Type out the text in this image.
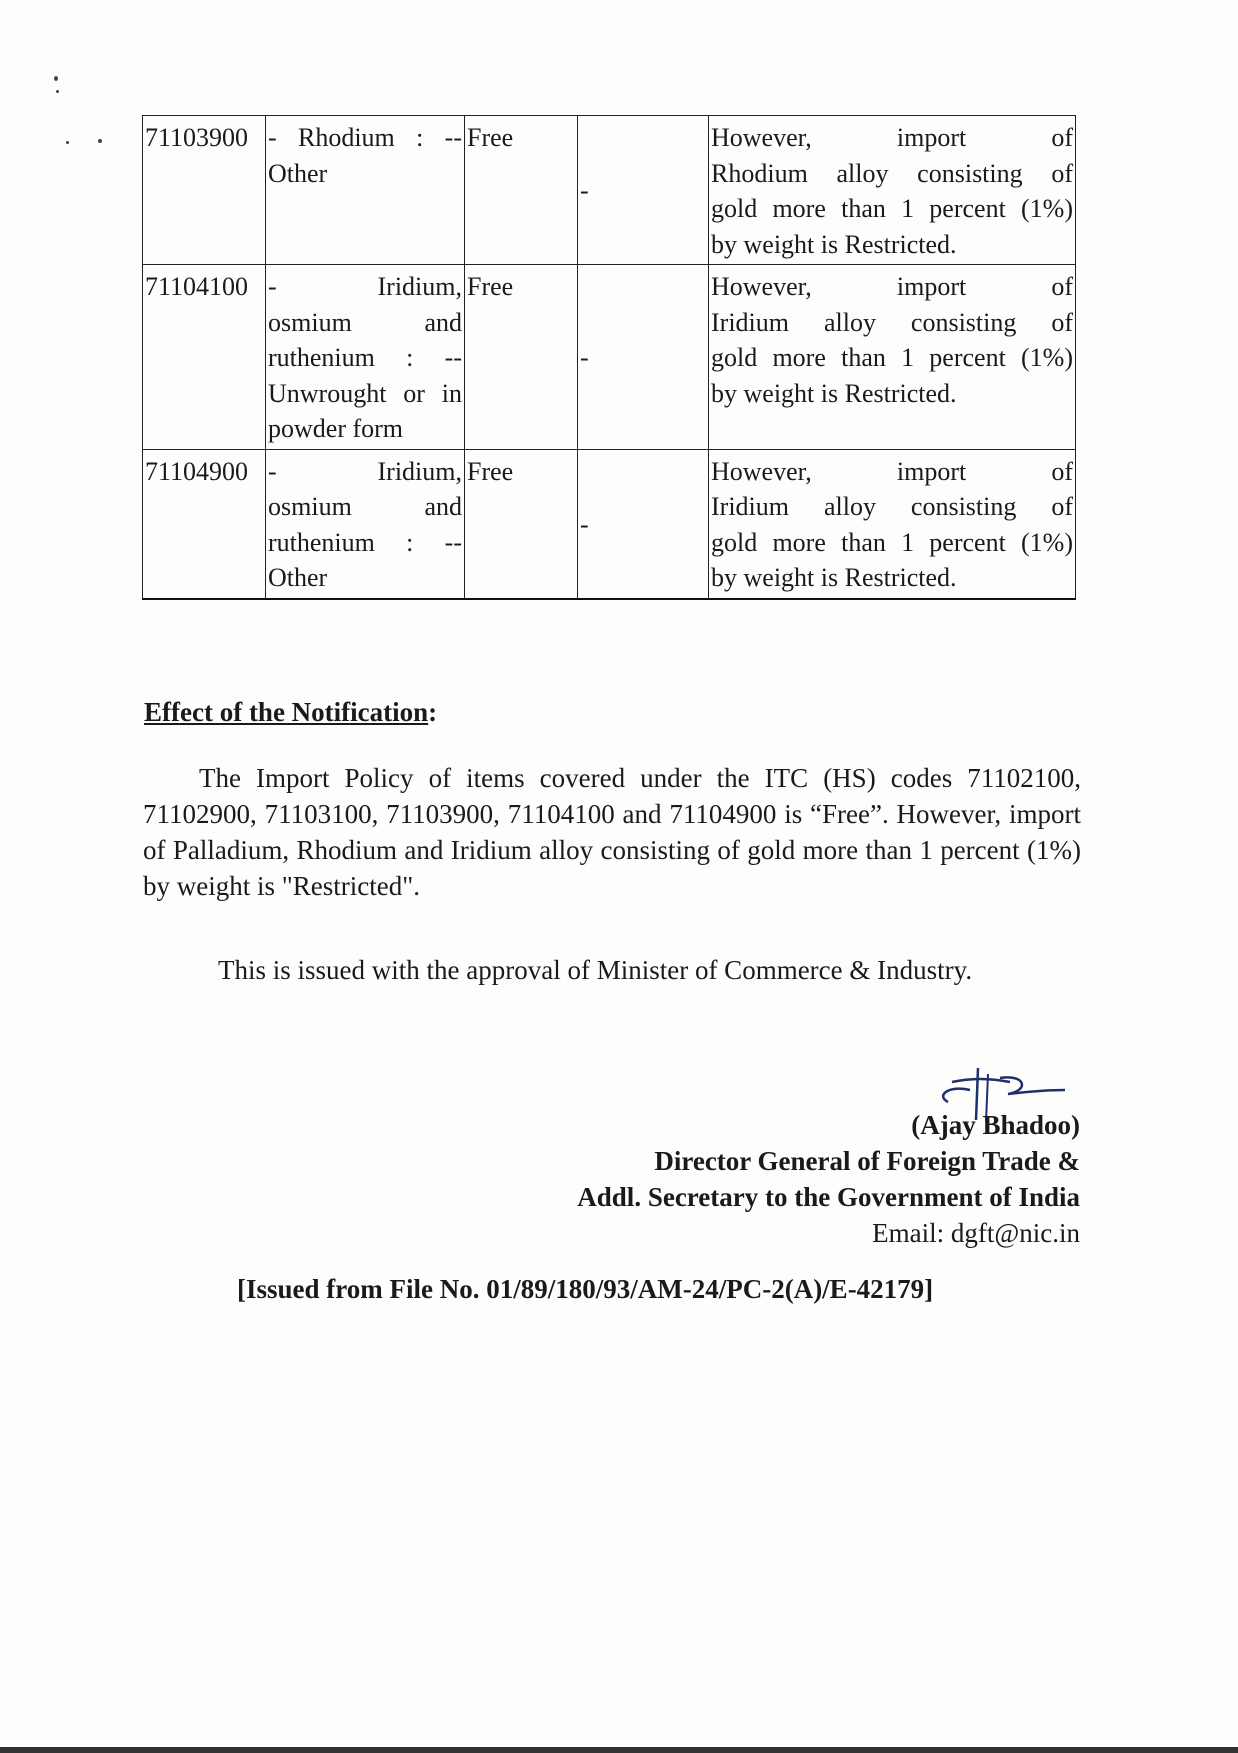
71103900	- Rhodium : --
Other	Free	-	However, import of
Rhodium alloy consisting of
gold more than 1 percent (1%)
by weight is Restricted.

71104100	- Iridium,
osmium and
ruthenium : --
Unwrought or in
powder form	Free	-	However, import of
Iridium alloy consisting of
gold more than 1 percent (1%)
by weight is Restricted.

71104900	- Iridium,
osmium and
ruthenium : --
Other	Free	-	However, import of
Iridium alloy consisting of
gold more than 1 percent (1%)
by weight is Restricted.
Effect of the Notification:
The Import Policy of items covered under the ITC (HS) codes 71102100, 71102900, 71103100, 71103900, 71104100 and 71104900 is “Free”. However, import of Palladium, Rhodium and Iridium alloy consisting of gold more than 1 percent (1%) by weight is "Restricted".
This is issued with the approval of Minister of Commerce & Industry.
(Ajay Bhadoo)
Director General of Foreign Trade &
Addl. Secretary to the Government of India
Email: dgft@nic.in
[Issued from File No. 01/89/180/93/AM-24/PC-2(A)/E-42179]
